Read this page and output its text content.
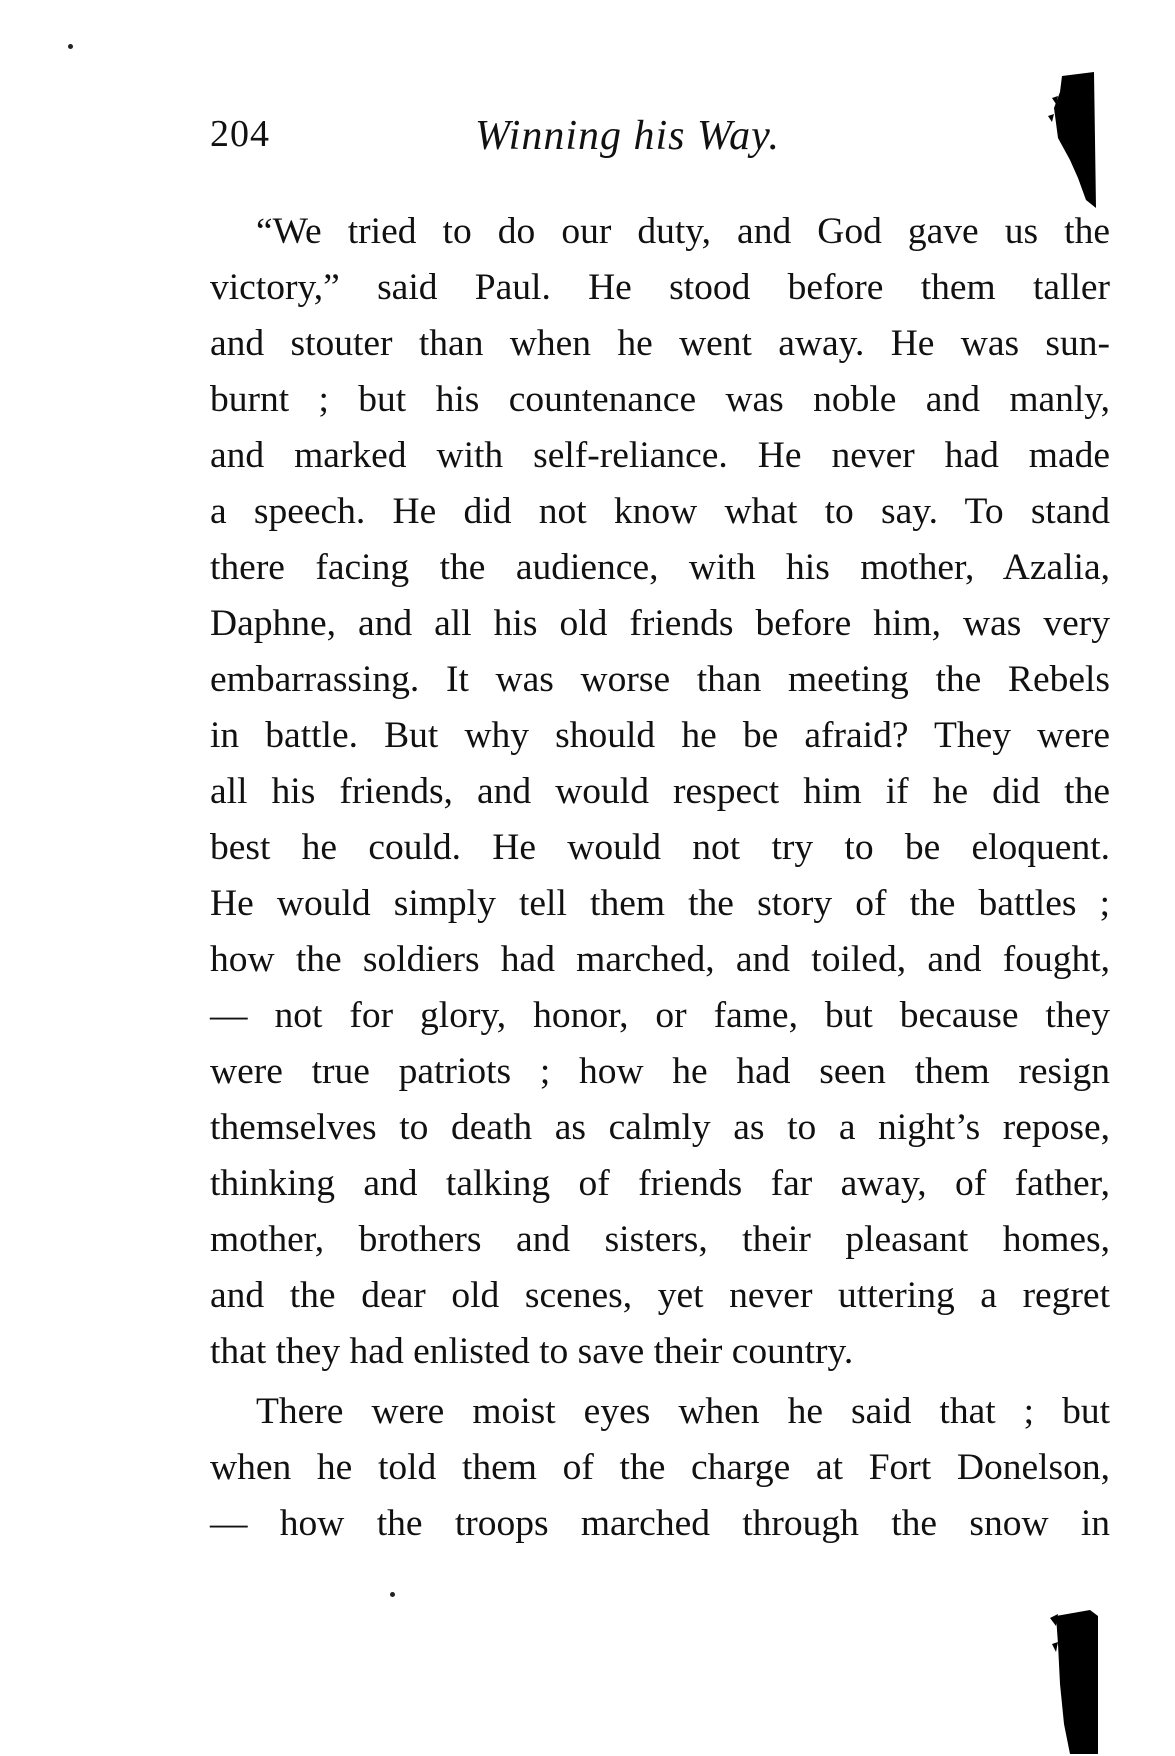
204	Winning his Way.
“We tried to do our duty, and God gave us the
victory,” said Paul. He stood before them taller
and stouter than when he went away. He was sun-
burnt ; but his countenance was noble and manly,
and marked with self-reliance. He never had made
a speech. He did not know what to say. To stand
there facing the audience, with his mother, Azalia,
Daphne, and all his old friends before him, was very
embarrassing. It was worse than meeting the Rebels
in battle. But why should he be afraid? They were
all his friends, and would respect him if he did the
best he could. He would not try to be eloquent.
He would simply tell them the story of the battles ;
how the soldiers had marched, and toiled, and fought,
— not for glory, honor, or fame, but because they
were true patriots ; how he had seen them resign
themselves to death as calmly as to a night’s repose,
thinking and talking of friends far away, of father,
mother, brothers and sisters, their pleasant homes,
and the dear old scenes, yet never uttering a regret
that they had enlisted to save their country.
There were moist eyes when he said that ; but
when he told them of the charge at Fort Donelson,
— how the troops marched through the snow in
